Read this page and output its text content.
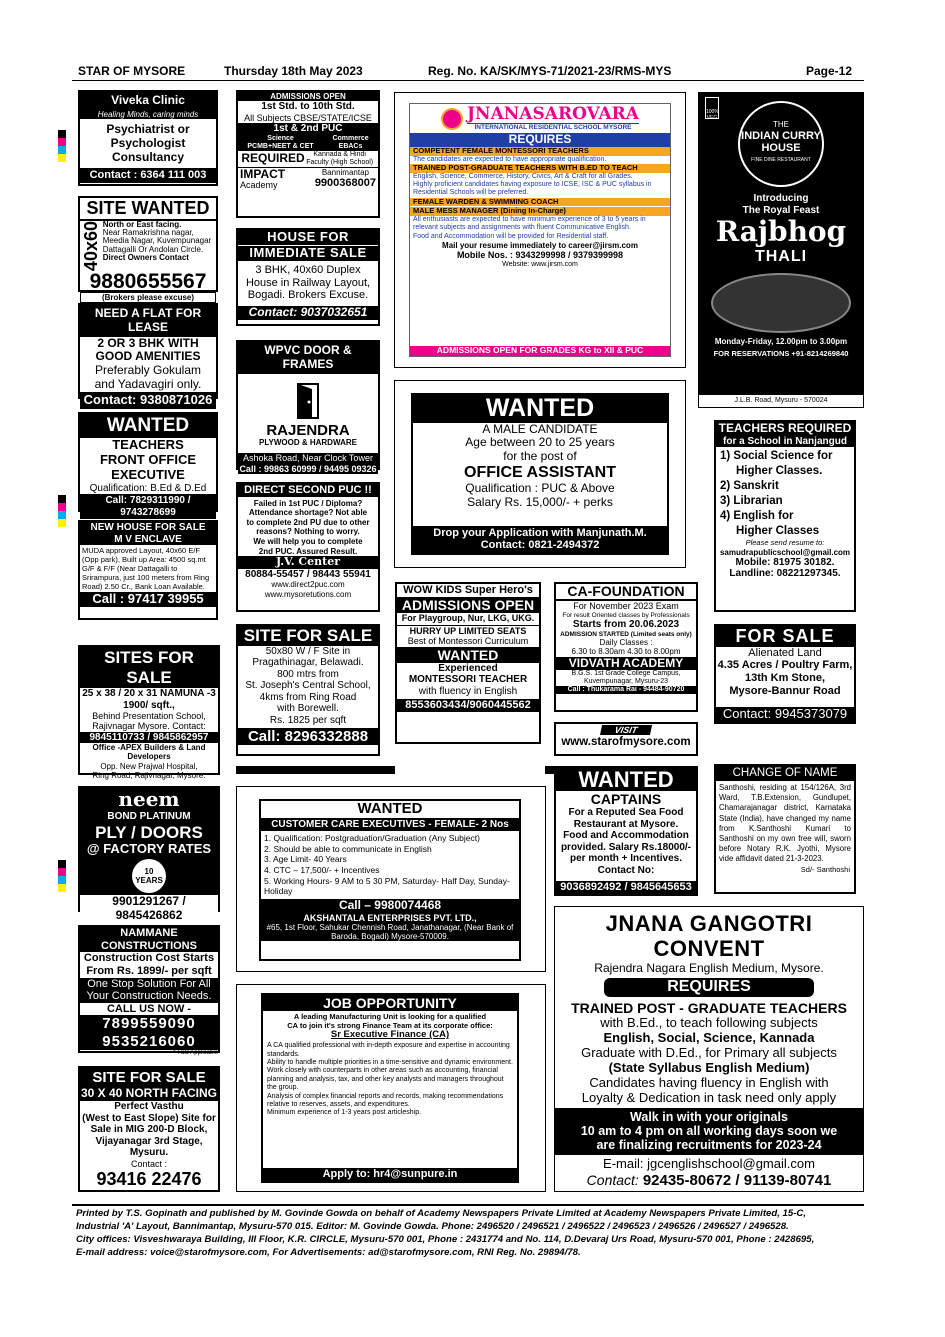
STAR OF MYSORE	Thursday 18th May 2023	Reg. No. KA/SK/MYS-71/2021-23/RMS-MYS	Page-12
Viveka Clinic
Healing Minds, caring minds
Psychiatrist or
Psychologist
Consultancy
Contact : 6364 111 003
SITE WANTED
40x60 North or East facing.
Near Ramakrishna nagar, Meedia Nagar, Kuvempunagar Dattagalli Or Andolan Circle.
Direct Owners Contact
9880655567
(Brokers please excuse)
NEED A FLAT FOR LEASE
2 OR 3 BHK WITH
GOOD AMENITIES
Preferably Gokulam
and Yadavagiri only.
Contact: 9380871026
WANTED
TEACHERS
FRONT OFFICE
EXECUTIVE
Qualification: B.Ed & D.Ed
Call: 7829311990 / 9743278699
NEW HOUSE FOR SALE
M V ENCLAVE
MUDA approved Layout, 40x60 E/F (Opp park), Built up Area: 4500 sq.mt G/F & F/F (Near Dattagalli to Srirampura, just 100 meters from Ring Road) 2.50 Cr., Bank Loan Available.
Call : 97417 39955
SITES FOR SALE
25 x 38 / 20 x 31 NAMUNA -3
1900/ sqft.,
Behind Presentation School,
Rajivnagar Mysore. Contact:
9845110733 / 9845862957
Office -APEX Builders & Land Developers
Opp. New Prajwal Hospital,
Ring Road, Rajivnagar, Mysore.
neem
BOND PLATINUM
PLY / DOORS
@ FACTORY RATES
10 YEARS
9901291267 / 9845426862
NAMMANE CONSTRUCTIONS
Construction Cost Starts
From Rs. 1899/- per sqft
One Stop Solution For All
Your Construction Needs.
CALL US NOW -
7899559090
9535216060
* T&C Applicable
SITE FOR SALE
30 X 40 NORTH FACING
Perfect Vasthu
(West to East Slope) Site for
Sale in MIG 200-D Block,
Vijayanagar 3rd Stage, Mysuru.
Contact :
93416 22476
ADMISSIONS OPEN
1st Std. to 10th Std.
All Subjects CBSE/STATE/ICSE
1st & 2nd PUC
Science
PCMB+NEET & CET
Commerce
EBACs
REQUIRED	Kannada & Hindi Faculty (High School)
IMPACT
Academy
Bannimantap
9900368007
HOUSE FOR
IMMEDIATE SALE
3 BHK, 40x60 Duplex
House in Railway Layout,
Bogadi. Brokers Excuse.
Contact: 9037032651
WPVC DOOR & FRAMES
RAJENDRA
PLYWOOD & HARDWARE
Ashoka Road, Near Clock Tower
Call : 99863 60999 / 94495 09326
DIRECT SECOND PUC !!
Failed in 1st PUC / Diploma?
Attendance shortage? Not able
to complete 2nd PU due to other
reasons? Nothing to worry.
We will help you to complete
2nd PUC. Assured Result.
J.V. Center
80884-55457 / 98443 55941
www.direct2puc.com
www.mysoretutions.com
SITE FOR SALE
50x80 W / F Site in
Pragathinagar, Belawadi.
800 mtrs from
St. Joseph's Central School,
4kms from Ring Road
with Borewell.
Rs. 1825 per sqft
Call: 8296332888
WANTED
CUSTOMER CARE EXECUTIVES - FEMALE- 2 Nos
1. Qualification: Postgraduation/Graduation (Any Subject)
2. Should be able to communicate in English
3. Age Limit- 40 Years
4. CTC – 17,500/- + Incentives
5. Working Hours- 9 AM to 5 30 PM, Saturday- Half Day, Sunday- Holiday
Call – 9980074468
AKSHANTALA ENTERPRISES PVT. LTD.,
#65, 1st Floor, Sahukar Chennish Road, Janathanagar, (Near Bank of Baroda, Bogadi) Mysore-570009.
JOB OPPORTUNITY
A leading Manufacturing Unit is looking for a qualified
CA to join it's strong Finance Team at its corporate office:
Sr Executive Finance (CA)
A CA qualified professional with in-depth exposure and expertise in accounting standards.
Ability to handle multiple priorities in a time-sensitive and dynamic environment.
Work closely with counterparts in other areas such as accounting, financial planning and analysis, tax, and other key analysts and managers throughout the group.
Analysis of complex financial reports and records, making recommendations relative to reserves, assets, and expenditures.
Minimum experience of 1-3 years post articleship.
Apply to: hr4@sunpure.in
JNANASAROVARA
INTERNATIONAL RESIDENTIAL SCHOOL MYSORE
REQUIRES
COMPETENT FEMALE MONTESSORI TEACHERS
The candidates are expected to have appropriate qualification.
TRAINED POST-GRADUATE TEACHERS WITH B.ED TO TEACH
English, Science, Commerce, History, Civics, Art & Craft for all Grades.
Highly proficient candidates having exposure to ICSE, ISC & PUC syllabus in Residential Schools will be preferred.
FEMALE WARDEN & SWIMMING COACH
MALE MESS MANAGER (Dining In-Charge)
All enthusiasts are expected to have minimum experience of 3 to 5 years in relevant subjects and assignments with fluent Communicative English.
Food and Accommodation will be provided for Residential staff.
Mail your resume immediately to career@jirsm.com
Mobile Nos. : 9343299998 / 9379399998
Website: www.jirsm.com
ADMISSIONS OPEN FOR GRADES KG to XII & PUC
WANTED
A MALE CANDIDATE
Age between 20 to 25 years
for the post of
OFFICE ASSISTANT
Qualification : PUC & Above
Salary Rs. 15,000/- + perks
Drop your Application with Manjunath.M.
Contact: 0821-2494372
WOW KIDS Super Hero's
ADMISSIONS OPEN
For Playgroup, Nur, LKG, UKG.
HURRY UP LIMITED SEATS
Best of Montessori Curriculum
WANTED
Experienced
MONTESSORI TEACHER
with fluency in English
8553603434/9060445562
CA-FOUNDATION
For November 2023 Exam
For result Oriented classes by Professionals
Starts from 20.06.2023
ADMISSION STARTED (Limited seats only)
Daily Classes :
6.30 to 8.30am 4.30 to 8.00pm
VIDVATH ACADEMY
B.G.S. 1st Grade College Campus,
Kuvempunagar, Mysuru-23
Call : Thukarama Rai - 94484-90720
VISIT
www.starofmysore.com
WANTED
CAPTAINS
For a Reputed Sea Food
Restaurant at Mysore.
Food and Accommodation
provided. Salary Rs.18000/-
per month + Incentives.
Contact No:
9036892492 / 9845645653
100% VEG
THE
INDIAN CURRY
HOUSE
FINE DINE RESTAURANT
Introducing
The Royal Feast
Rajbhog
THALI
Monday-Friday, 12.00pm to 3.00pm
FOR RESERVATIONS +91-8214269840
J.L.B. Road, Mysuru - 570024
TEACHERS REQUIRED
for a School in Nanjangud
1) Social Science for
Higher Classes.
2) Sanskrit
3) Librarian
4) English for
Higher Classes
Please send resume to:
samudrapublicschool@gmail.com
Mobile: 81975 30182.
Landline: 08221297345.
FOR SALE
Alienated Land
4.35 Acres / Poultry Farm,
13th Km Stone,
Mysore-Bannur Road
Contact: 9945373079
CHANGE OF NAME
Santhoshi, residing at 154/126A, 3rd Ward, T.B.Extension, Gundlupet, Chamarajanagar district, Karnataka State (India), have changed my name from K.Santhoshi Kumari to Santhoshi on my own free will, sworn before Notary R.K. Jyothi, Mysore vide affidavit dated 21-3-2023.
Sd/- Santhoshi
JNANA GANGOTRI CONVENT
Rajendra Nagara English Medium, Mysore.
REQUIRES
TRAINED POST - GRADUATE TEACHERS
with B.Ed., to teach following subjects
English, Social, Science, Kannada
Graduate with D.Ed., for Primary all subjects
(State Syllabus English Medium)
Candidates having fluency in English with
Loyalty & Dedication in task need only apply
Walk in with your originals
10 am to 4 pm on all working days soon we
are finalizing recruitments for 2023-24
E-mail: jgcenglishschool@gmail.com
Contact: 92435-80672 / 91139-80741
Printed by T.S. Gopinath and published by M. Govinde Gowda on behalf of Academy Newspapers Private Limited at Academy Newspapers Private Limited, 15-C,
Industrial 'A' Layout, Bannimantap, Mysuru-570 015. Editor: M. Govinde Gowda. Phone: 2496520 / 2496521 / 2496522 / 2496523 / 2496526 / 2496527 / 2496528.
City offices: Visveshwaraya Building, III Floor, K.R. CIRCLE, Mysuru-570 001, Phone : 2431774 and No. 114, D.Devaraj Urs Road, Mysuru-570 001, Phone : 2428695,
E-mail address: voice@starofmysore.com, For Advertisements: ad@starofmysore.com, RNI Reg. No. 29894/78.
